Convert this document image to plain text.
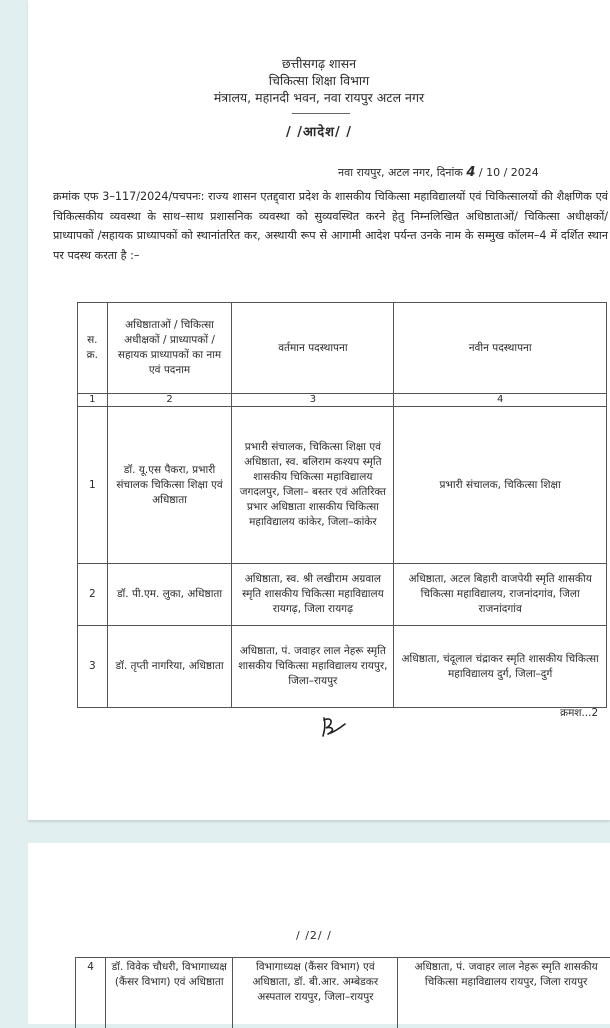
छत्तीसगढ़ शासन
चिकित्सा शिक्षा विभाग
मंत्रालय, महानदी भवन, नवा रायपुर अटल नगर
/ /आदेश/ /
नवा रायपुर, अटल नगर, दिनांक 4 / 10 / 2024
क्रमांक एफ 3–117/2024/पचपनः: राज्य शासन एतद्द्वारा प्रदेश के शासकीय चिकित्सा महाविद्यालयों एवं चिकित्सालयों की शैक्षणिक एवं चिकित्सकीय व्यवस्था के साथ–साथ प्रशासनिक व्यवस्था को सुव्यवस्थित करने हेतु निम्नलिखित अधिष्ठाताओं/ चिकित्सा अधीक्षकों/ प्राध्यापकों /सहायक प्राध्यापकों को स्थानांतरित कर, अस्थायी रूप से आगामी आदेश पर्यन्त उनके नाम के सम्मुख कॉलम–4 में दर्शित स्थान पर पदस्थ करता है :–
स. क्र.	अधिष्ठाताओं / चिकित्सा अधीक्षकों / प्राध्यापकों / सहायक प्राध्यापकों का नाम एवं पदनाम	वर्तमान पदस्थापना	नवीन पदस्थापना
1	2	3	4
1	डॉ. यू.एस पैकरा, प्रभारी संचालक चिकित्सा शिक्षा एवं अधिष्ठाता	प्रभारी संचालक, चिकित्सा शिक्षा एवं अधिष्ठाता, स्व. बलिराम कश्यप स्मृति शासकीय चिकित्सा महाविद्यालय जगदलपुर, जिला– बस्तर एवं अतिरिक्त प्रभार अधिष्ठाता शासकीय चिकित्सा महाविद्यालय कांकेर, जिला–कांकेर	प्रभारी संचालक, चिकित्सा शिक्षा
2	डॉ. पी.एम. लुका, अधिष्ठाता	अधिष्ठाता, स्व. श्री लखीराम अग्रवाल स्मृति शासकीय चिकित्सा महाविद्यालय रायगढ़, जिला रायगढ़	अधिष्ठाता, अटल बिहारी वाजपेयी स्मृति शासकीय चिकित्सा महाविद्यालय, राजनांदगांव, जिला राजनांदगांव
3	डॉ. तृप्ती नागरिया, अधिष्ठाता	अधिष्ठाता, पं. जवाहर लाल नेहरू स्मृति शासकीय चिकित्सा महाविद्यालय रायपुर, जिला–रायपुर	अधिष्ठाता, चंदूलाल चंद्राकर स्मृति शासकीय चिकित्सा महाविद्यालय दुर्ग, जिला–दुर्ग
क्रमश...2
/ /2/ /
4	डॉ. विवेक चौधरी, विभागाध्यक्ष (कैंसर विभाग) एवं अधिष्ठाता	विभागाध्यक्ष (कैंसर विभाग) एवं अधिष्ठाता, डॉ. बी.आर. अम्बेडकर अस्पताल रायपुर, जिला–रायपुर	अधिष्ठाता, पं. जवाहर लाल नेहरू स्मृति शासकीय चिकित्सा महाविद्यालय रायपुर, जिला रायपुर
